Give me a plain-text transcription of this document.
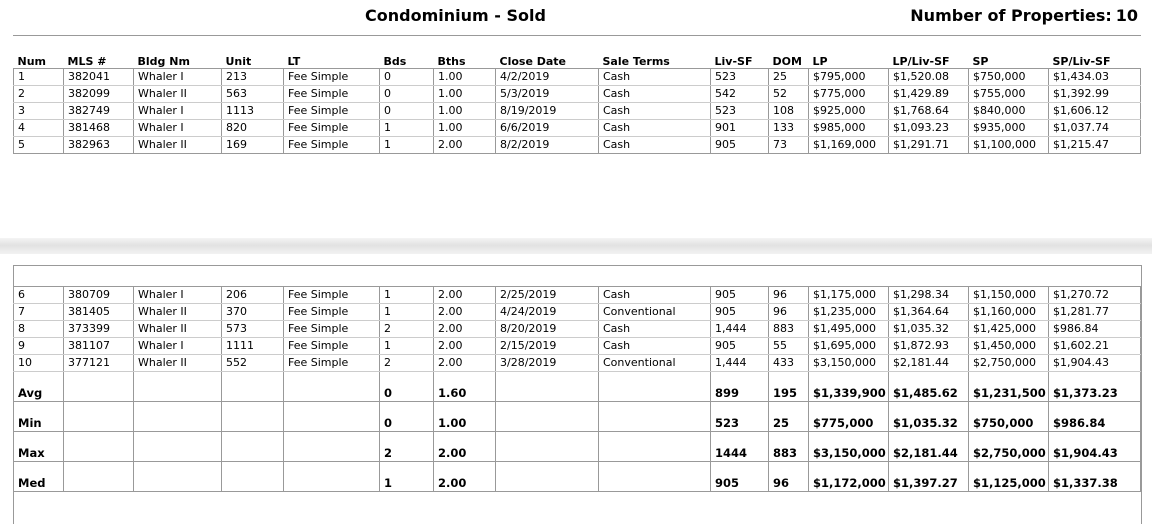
Condominium - Sold	Number of Properties: 10
Num	MLS #	Bldg Nm	Unit	LT	Bds	Bths	Close Date	Sale Terms	Liv-SF	DOM	LP	LP/Liv-SF	SP	SP/Liv-SF
1	382041	Whaler I	213	Fee Simple	0	1.00	4/2/2019	Cash	523	25	$795,000	$1,520.08	$750,000	$1,434.03
2	382099	Whaler II	563	Fee Simple	0	1.00	5/3/2019	Cash	542	52	$775,000	$1,429.89	$755,000	$1,392.99
3	382749	Whaler I	1113	Fee Simple	0	1.00	8/19/2019	Cash	523	108	$925,000	$1,768.64	$840,000	$1,606.12
4	381468	Whaler I	820	Fee Simple	1	1.00	6/6/2019	Cash	901	133	$985,000	$1,093.23	$935,000	$1,037.74
5	382963	Whaler II	169	Fee Simple	1	2.00	8/2/2019	Cash	905	73	$1,169,000	$1,291.71	$1,100,000	$1,215.47
6	380709	Whaler I	206	Fee Simple	1	2.00	2/25/2019	Cash	905	96	$1,175,000	$1,298.34	$1,150,000	$1,270.72
7	381405	Whaler II	370	Fee Simple	1	2.00	4/24/2019	Conventional	905	96	$1,235,000	$1,364.64	$1,160,000	$1,281.77
8	373399	Whaler II	573	Fee Simple	2	2.00	8/20/2019	Cash	1,444	883	$1,495,000	$1,035.32	$1,425,000	$986.84
9	381107	Whaler I	1111	Fee Simple	1	2.00	2/15/2019	Cash	905	55	$1,695,000	$1,872.93	$1,450,000	$1,602.21
10	377121	Whaler II	552	Fee Simple	2	2.00	3/28/2019	Conventional	1,444	433	$3,150,000	$2,181.44	$2,750,000	$1,904.43
Avg					0	1.60			899	195	$1,339,900	$1,485.62	$1,231,500	$1,373.23
Min					0	1.00			523	25	$775,000	$1,035.32	$750,000	$986.84
Max					2	2.00			1444	883	$3,150,000	$2,181.44	$2,750,000	$1,904.43
Med					1	2.00			905	96	$1,172,000	$1,397.27	$1,125,000	$1,337.38
